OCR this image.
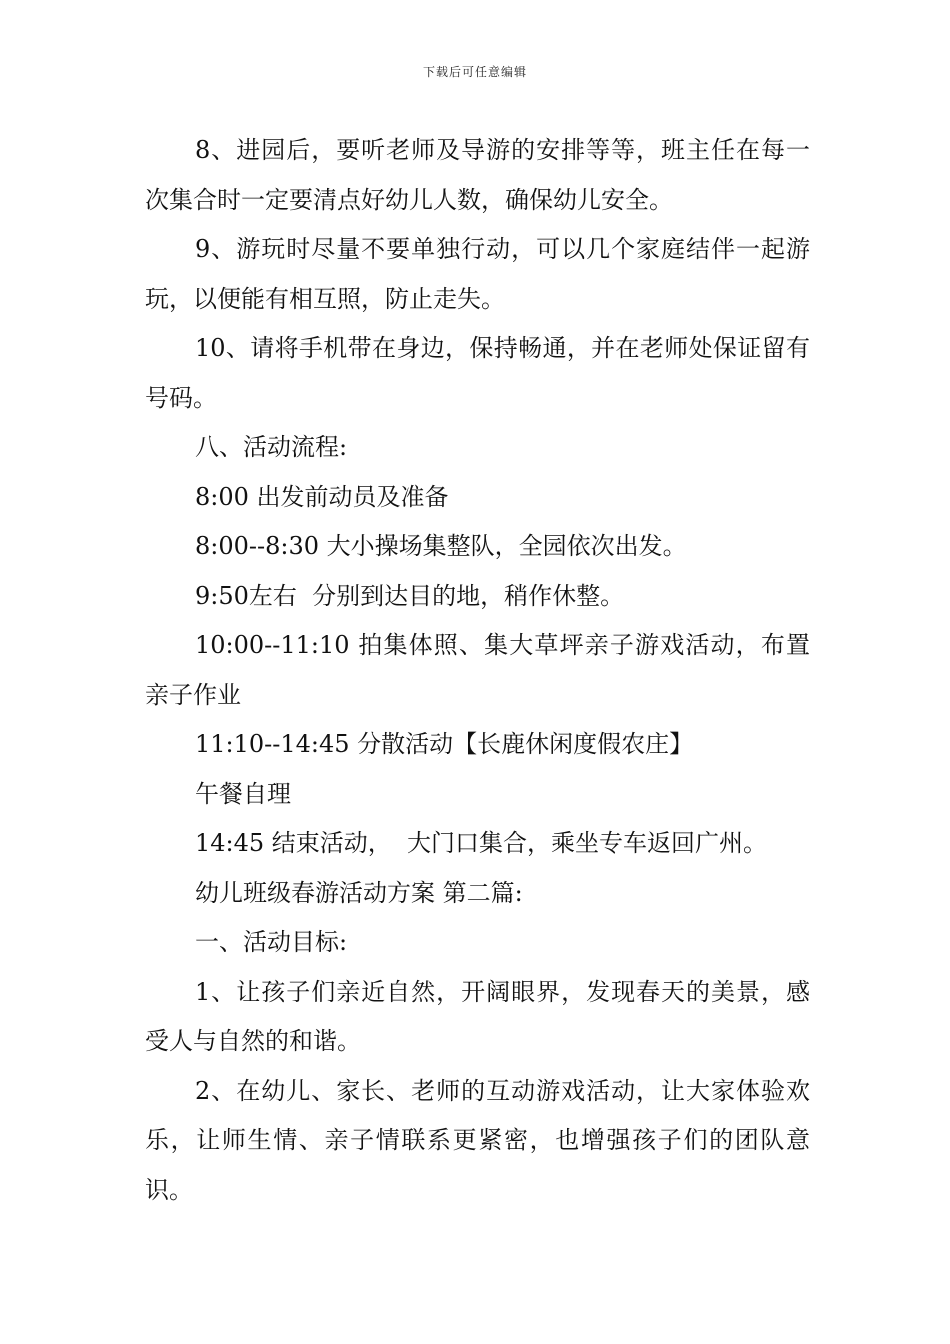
下载后可任意编辑

8、进园后，要听老师及导游的安排等等，班主任在每一次集合时一定要清点好幼儿人数，确保幼儿安全。

9、游玩时尽量不要单独行动，可以几个家庭结伴一起游玩，以便能有相互照，防止走失。

10、请将手机带在身边，保持畅通，并在老师处保证留有号码。

八、活动流程:

8:00 出发前动员及准备

8:00--8:30 大小操场集整队，全园依次出发。

9:50左右  分别到达目的地，稍作休整。

10:00--11:10 拍集体照、集大草坪亲子游戏活动，布置亲子作业

11:10--14:45 分散活动【长鹿休闲度假农庄】

午餐自理

14:45 结束活动，  大门口集合，乘坐专车返回广州。

幼儿班级春游活动方案 第二篇:

一、活动目标:

1、让孩子们亲近自然，开阔眼界，发现春天的美景，感受人与自然的和谐。

2、在幼儿、家长、老师的互动游戏活动，让大家体验欢乐，让师生情、亲子情联系更紧密，也增强孩子们的团队意识。
